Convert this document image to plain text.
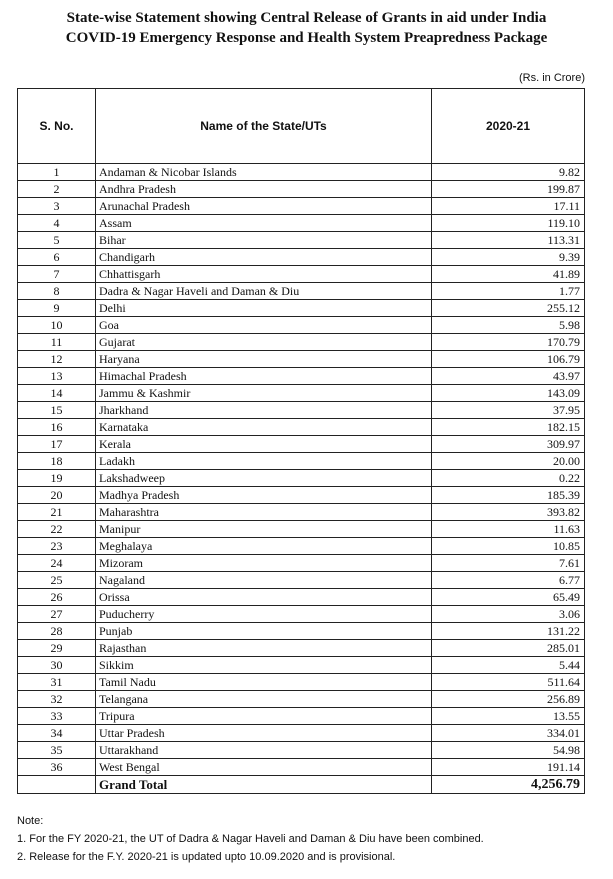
State-wise Statement showing Central Release of Grants in aid under India
COVID-19 Emergency Response and Health System Preapredness Package
(Rs. in Crore)
S. No.	Name of the State/UTs	2020-21
1	Andaman & Nicobar Islands	9.82
2	Andhra Pradesh	199.87
3	Arunachal Pradesh	17.11
4	Assam	119.10
5	Bihar	113.31
6	Chandigarh	9.39
7	Chhattisgarh	41.89
8	Dadra & Nagar Haveli and Daman & Diu	1.77
9	Delhi	255.12
10	Goa	5.98
11	Gujarat	170.79
12	Haryana	106.79
13	Himachal Pradesh	43.97
14	Jammu & Kashmir	143.09
15	Jharkhand	37.95
16	Karnataka	182.15
17	Kerala	309.97
18	Ladakh	20.00
19	Lakshadweep	0.22
20	Madhya Pradesh	185.39
21	Maharashtra	393.82
22	Manipur	11.63
23	Meghalaya	10.85
24	Mizoram	7.61
25	Nagaland	6.77
26	Orissa	65.49
27	Puducherry	3.06
28	Punjab	131.22
29	Rajasthan	285.01
30	Sikkim	5.44
31	Tamil Nadu	511.64
32	Telangana	256.89
33	Tripura	13.55
34	Uttar Pradesh	334.01
35	Uttarakhand	54.98
36	West Bengal	191.14
	Grand Total	4,256.79
Note:
1. For the FY 2020-21, the UT of Dadra & Nagar Haveli and Daman & Diu have been combined.
2. Release for the F.Y. 2020-21 is updated upto 10.09.2020 and is provisional.
